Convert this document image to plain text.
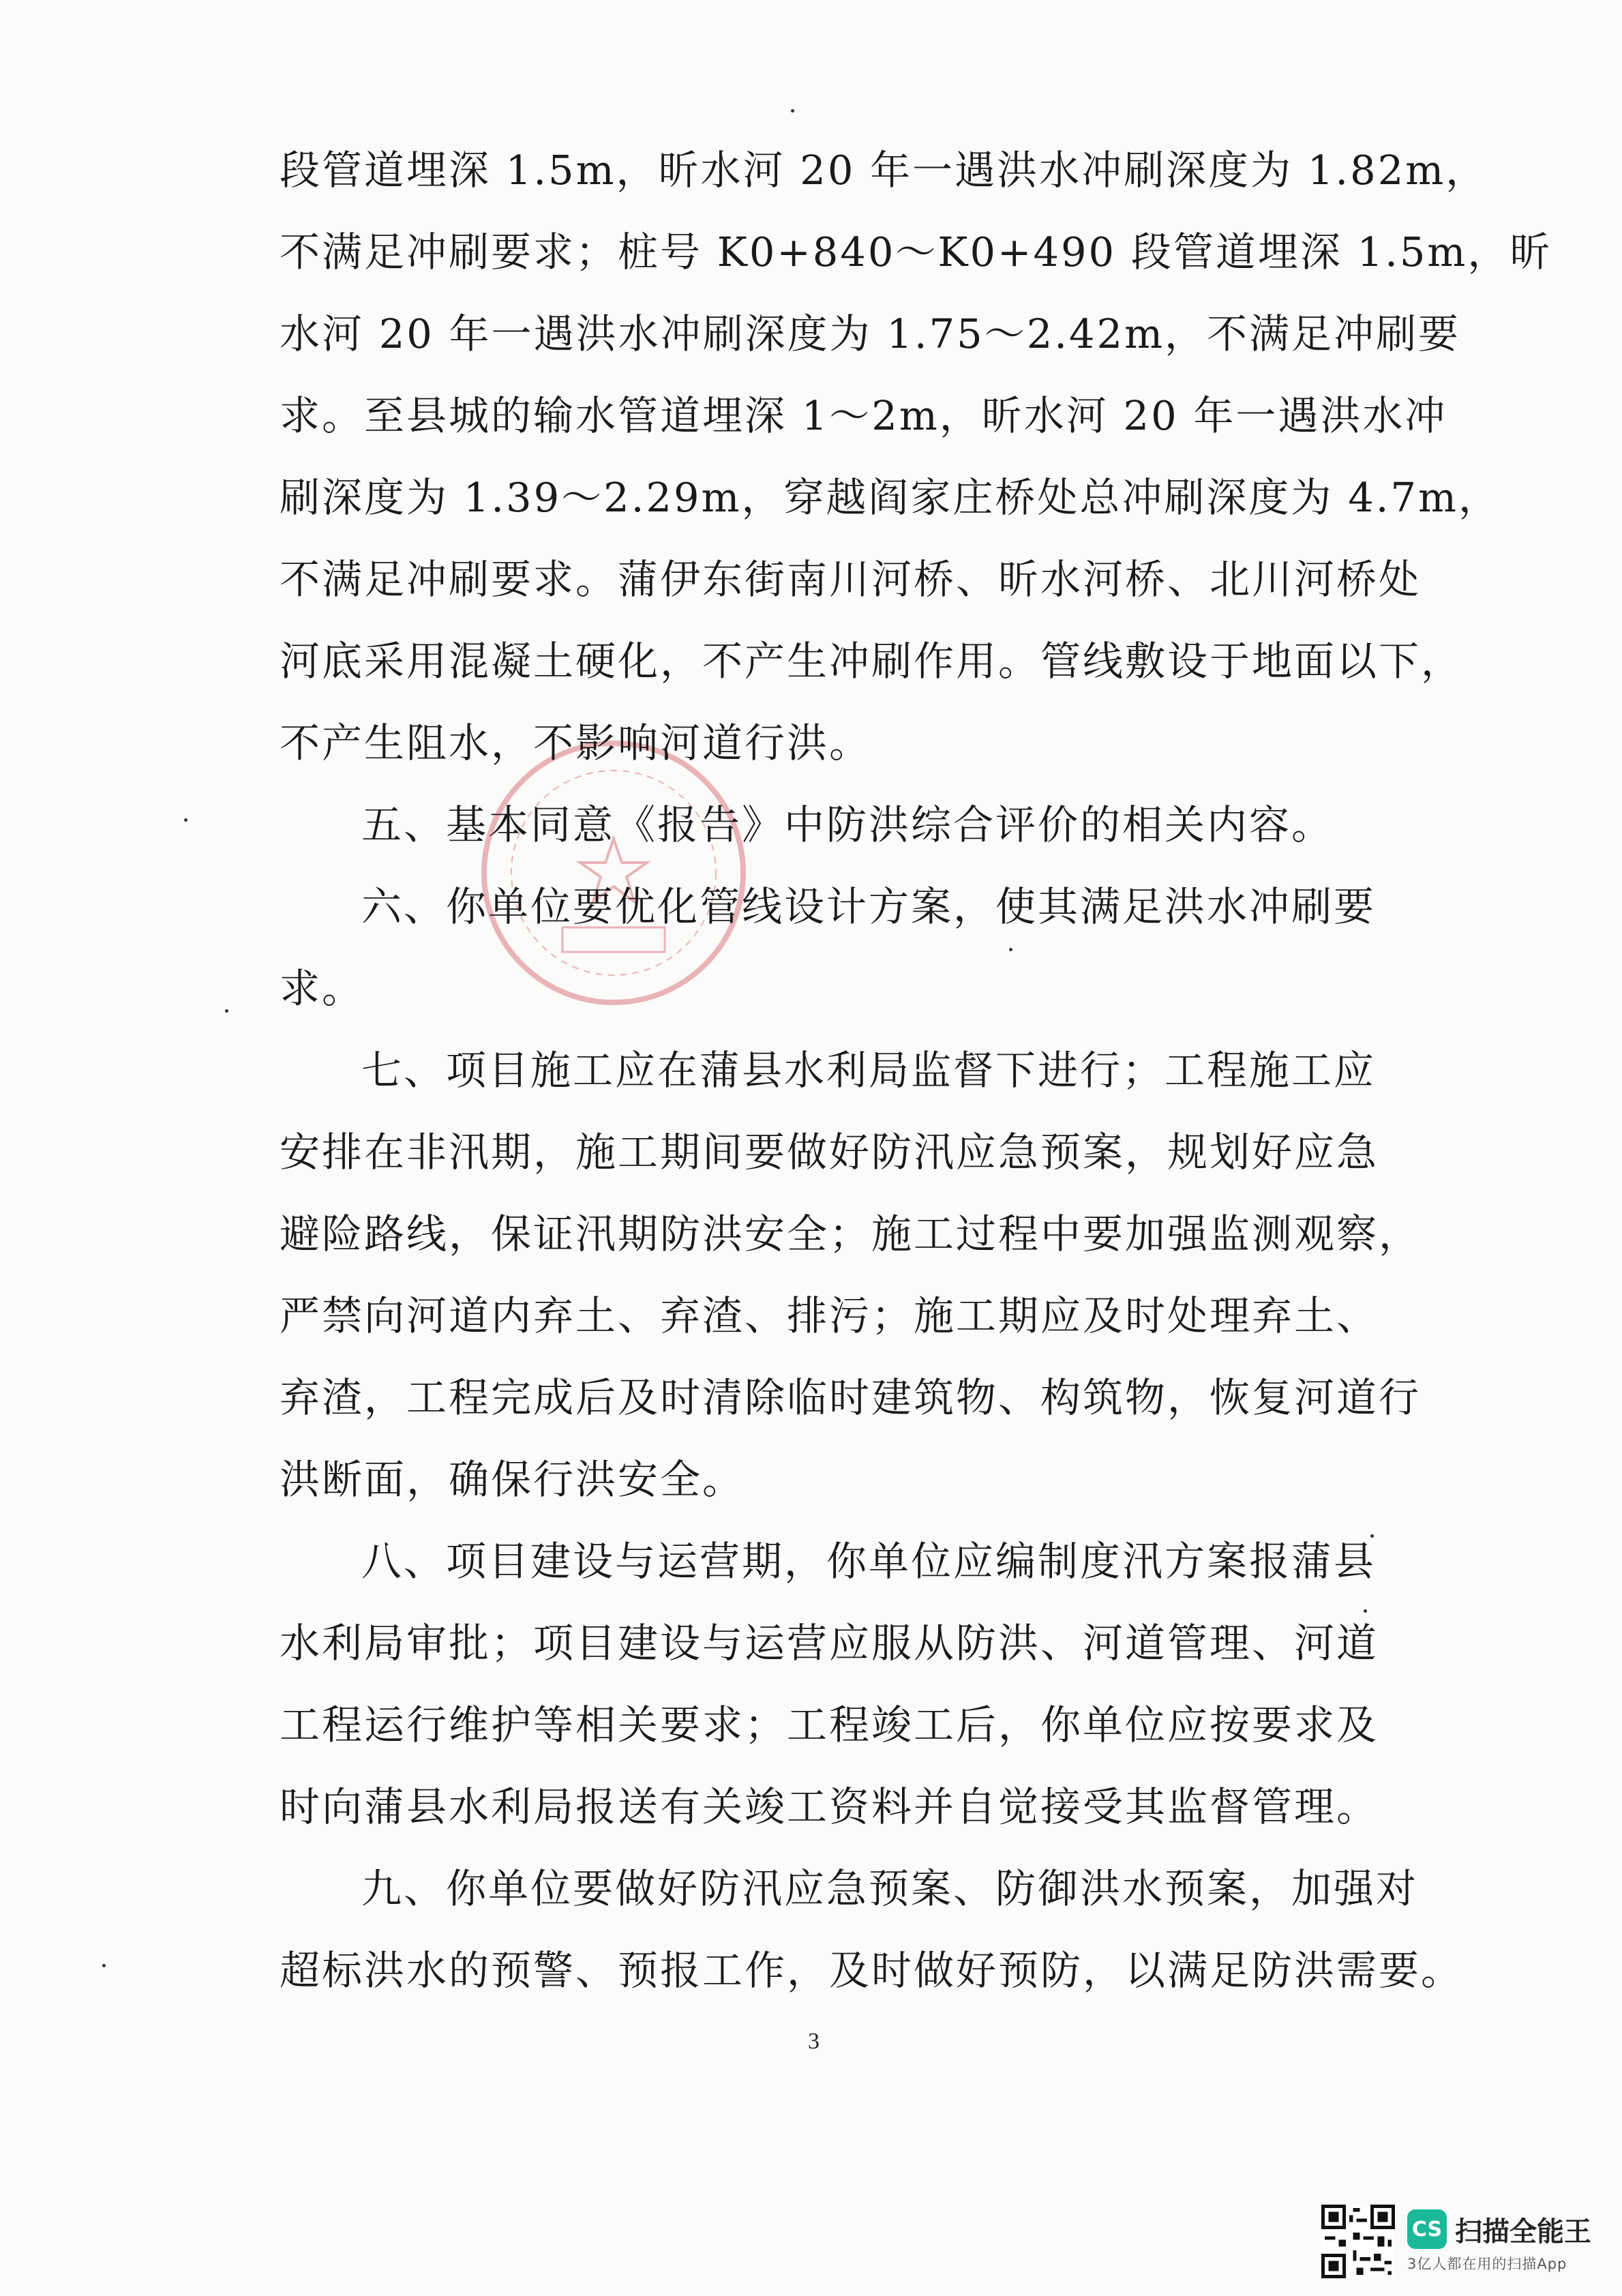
段管道埋深 1.5m，昕水河 20 年一遇洪水冲刷深度为 1.82m，
不满足冲刷要求；桩号 K0+840～K0+490 段管道埋深 1.5m，昕
水河 20 年一遇洪水冲刷深度为 1.75～2.42m，不满足冲刷要
求。至县城的输水管道埋深 1～2m，昕水河 20 年一遇洪水冲
刷深度为 1.39～2.29m，穿越阎家庄桥处总冲刷深度为 4.7m，
不满足冲刷要求。蒲伊东街南川河桥、昕水河桥、北川河桥处
河底采用混凝土硬化，不产生冲刷作用。管线敷设于地面以下，
不产生阻水，不影响河道行洪。
五、基本同意《报告》中防洪综合评价的相关内容。
六、你单位要优化管线设计方案，使其满足洪水冲刷要
求。
七、项目施工应在蒲县水利局监督下进行；工程施工应
安排在非汛期，施工期间要做好防汛应急预案，规划好应急
避险路线，保证汛期防洪安全；施工过程中要加强监测观察，
严禁向河道内弃土、弃渣、排污；施工期应及时处理弃土、
弃渣，工程完成后及时清除临时建筑物、构筑物，恢复河道行
洪断面，确保行洪安全。
八、项目建设与运营期，你单位应编制度汛方案报蒲县
水利局审批；项目建设与运营应服从防洪、河道管理、河道
工程运行维护等相关要求；工程竣工后，你单位应按要求及
时向蒲县水利局报送有关竣工资料并自觉接受其监督管理。
九、你单位要做好防汛应急预案、防御洪水预案，加强对
超标洪水的预警、预报工作，及时做好预防，以满足防洪需要。
3
CS 扫描全能王
3亿人都在用的扫描App
